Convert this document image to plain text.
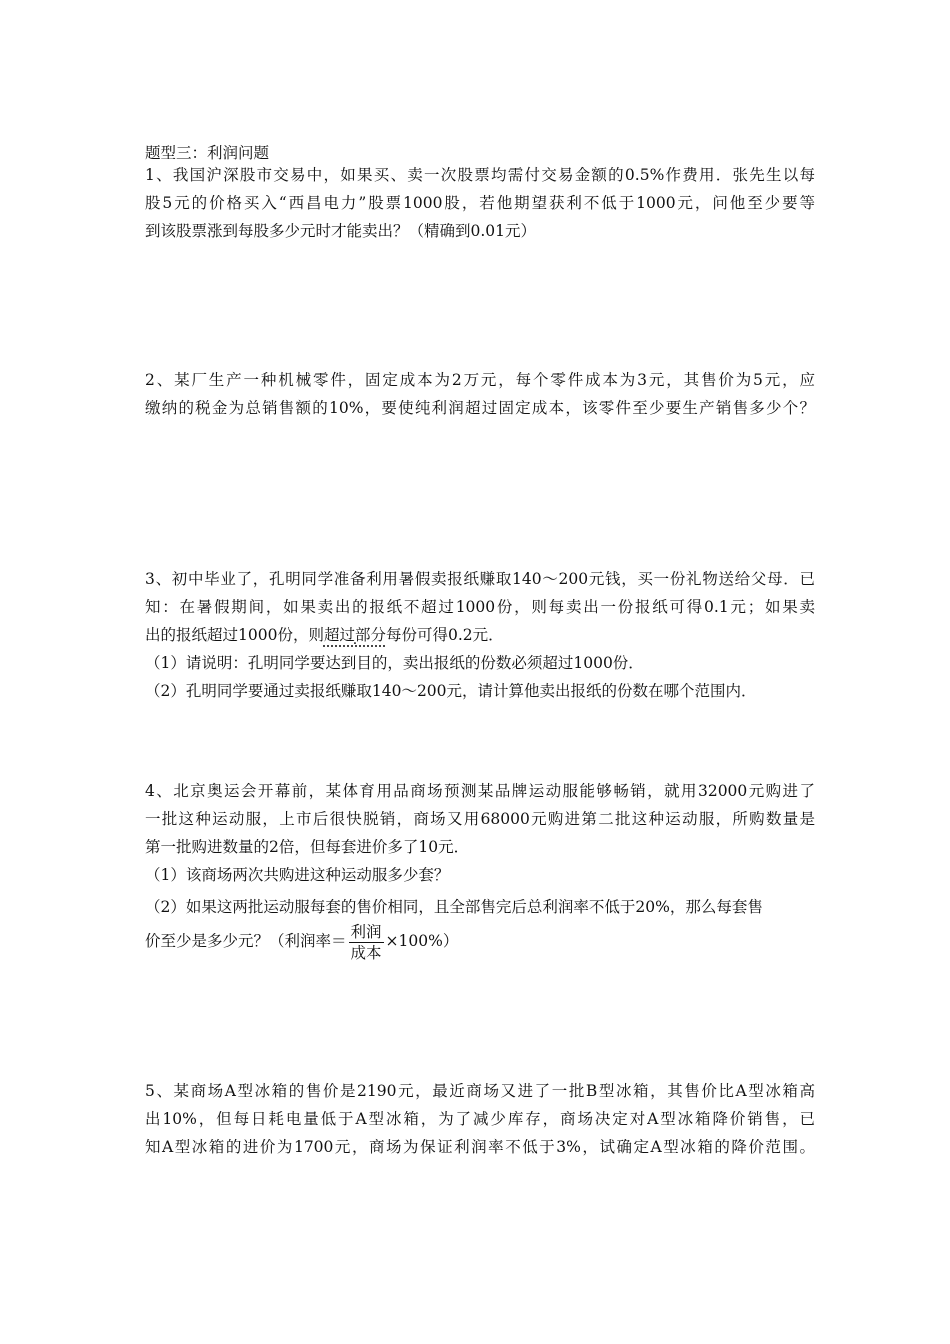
题型三：利润问题
1、我国沪深股市交易中，如果买、卖一次股票均需付交易金额的0.5%作费用．张先生以每
股5元的价格买入“西昌电力”股票1000股，若他期望获利不低于1000元，问他至少要等
到该股票涨到每股多少元时才能卖出？（精确到0.01元）
2、某厂生产一种机械零件，固定成本为2万元，每个零件成本为3元，其售价为5元，应
缴纳的税金为总销售额的10%，要使纯利润超过固定成本，该零件至少要生产销售多少个？
3、初中毕业了，孔明同学准备利用暑假卖报纸赚取140～200元钱，买一份礼物送给父母．已
知：在暑假期间，如果卖出的报纸不超过1000份，则每卖出一份报纸可得0.1元；如果卖
出的报纸超过1000份，则超过部分每份可得0.2元．
（1）请说明：孔明同学要达到目的，卖出报纸的份数必须超过1000份．
（2）孔明同学要通过卖报纸赚取140～200元，请计算他卖出报纸的份数在哪个范围内．
4、北京奥运会开幕前，某体育用品商场预测某品牌运动服能够畅销，就用32000元购进了
一批这种运动服，上市后很快脱销，商场又用68000元购进第二批这种运动服，所购数量是
第一批购进数量的2倍，但每套进价多了10元．
（1）该商场两次共购进这种运动服多少套？
（2）如果这两批运动服每套的售价相同，且全部售完后总利润率不低于20%，那么每套售
价至少是多少元？（利润率＝ $\frac{\text{利润}}{\text{成本}} \times 100\%$）
5、某商场A型冰箱的售价是2190元，最近商场又进了一批B型冰箱，其售价比A型冰箱高
出10%，但每日耗电量低于A型冰箱，为了减少库存，商场决定对A型冰箱降价销售，已
知A型冰箱的进价为1700元，商场为保证利润率不低于3%，试确定A型冰箱的降价范围。
